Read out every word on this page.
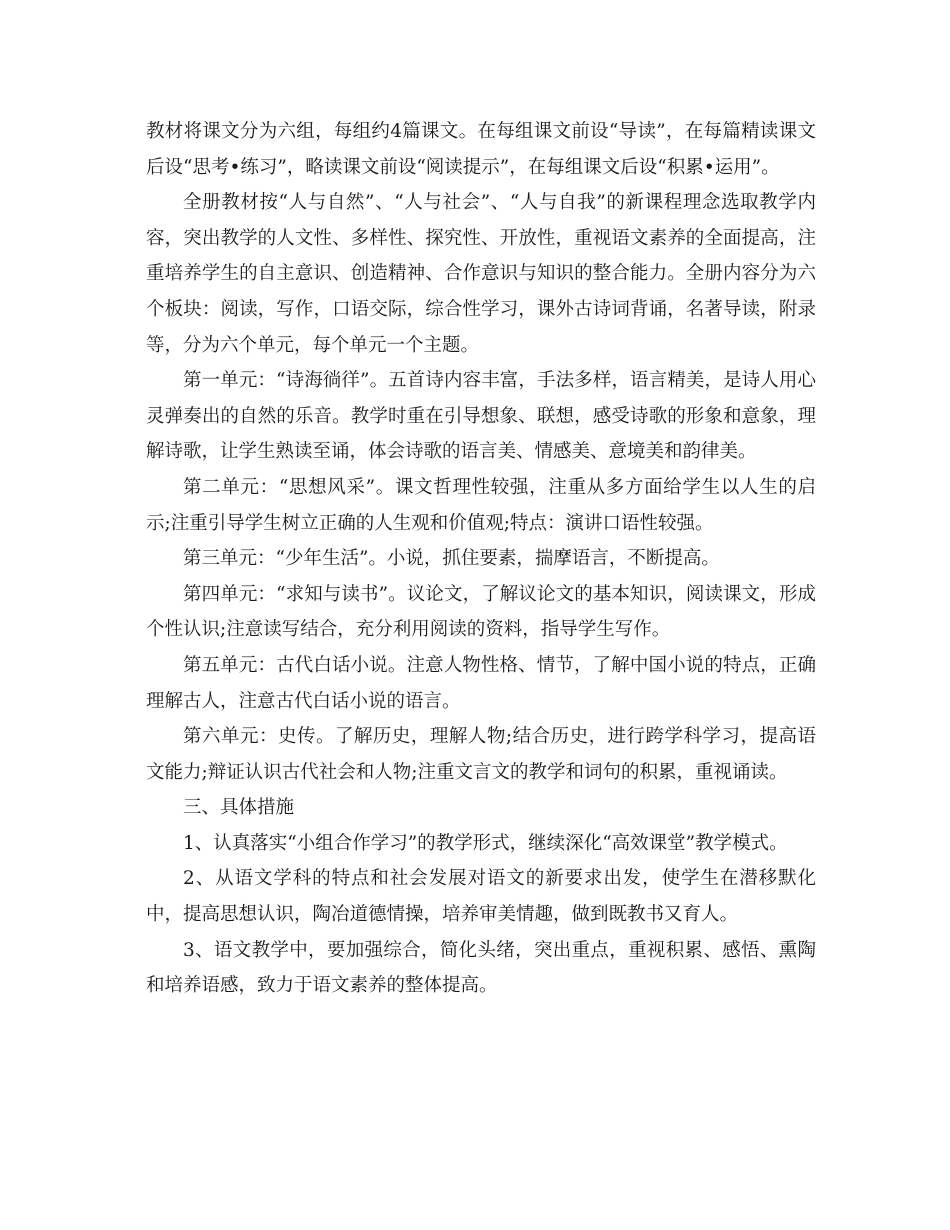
教材将课文分为六组，每组约4篇课文。在每组课文前设“导读”，在每篇精读课文后设“思考•练习”，略读课文前设“阅读提示”，在每组课文后设“积累•运用”。

全册教材按“人与自然”、“人与社会”、“人与自我”的新课程理念选取教学内容，突出教学的人文性、多样性、探究性、开放性，重视语文素养的全面提高，注重培养学生的自主意识、创造精神、合作意识与知识的整合能力。全册内容分为六个板块：阅读，写作，口语交际，综合性学习，课外古诗词背诵，名著导读，附录等，分为六个单元，每个单元一个主题。

第一单元：“诗海徜徉”。五首诗内容丰富，手法多样，语言精美，是诗人用心灵弹奏出的自然的乐音。教学时重在引导想象、联想，感受诗歌的形象和意象，理解诗歌，让学生熟读至诵，体会诗歌的语言美、情感美、意境美和韵律美。

第二单元：“思想风采”。课文哲理性较强，注重从多方面给学生以人生的启示;注重引导学生树立正确的人生观和价值观;特点：演讲口语性较强。

第三单元：“少年生活”。小说，抓住要素，揣摩语言，不断提高。

第四单元：“求知与读书”。议论文，了解议论文的基本知识，阅读课文，形成个性认识;注意读写结合，充分利用阅读的资料，指导学生写作。

第五单元：古代白话小说。注意人物性格、情节，了解中国小说的特点，正确理解古人，注意古代白话小说的语言。

第六单元：史传。了解历史，理解人物;结合历史，进行跨学科学习，提高语文能力;辩证认识古代社会和人物;注重文言文的教学和词句的积累，重视诵读。

三、具体措施

1、认真落实“小组合作学习”的教学形式，继续深化“高效课堂”教学模式。

2、从语文学科的特点和社会发展对语文的新要求出发，使学生在潜移默化中，提高思想认识，陶冶道德情操，培养审美情趣，做到既教书又育人。

3、语文教学中，要加强综合，简化头绪，突出重点，重视积累、感悟、熏陶和培养语感，致力于语文素养的整体提高。
